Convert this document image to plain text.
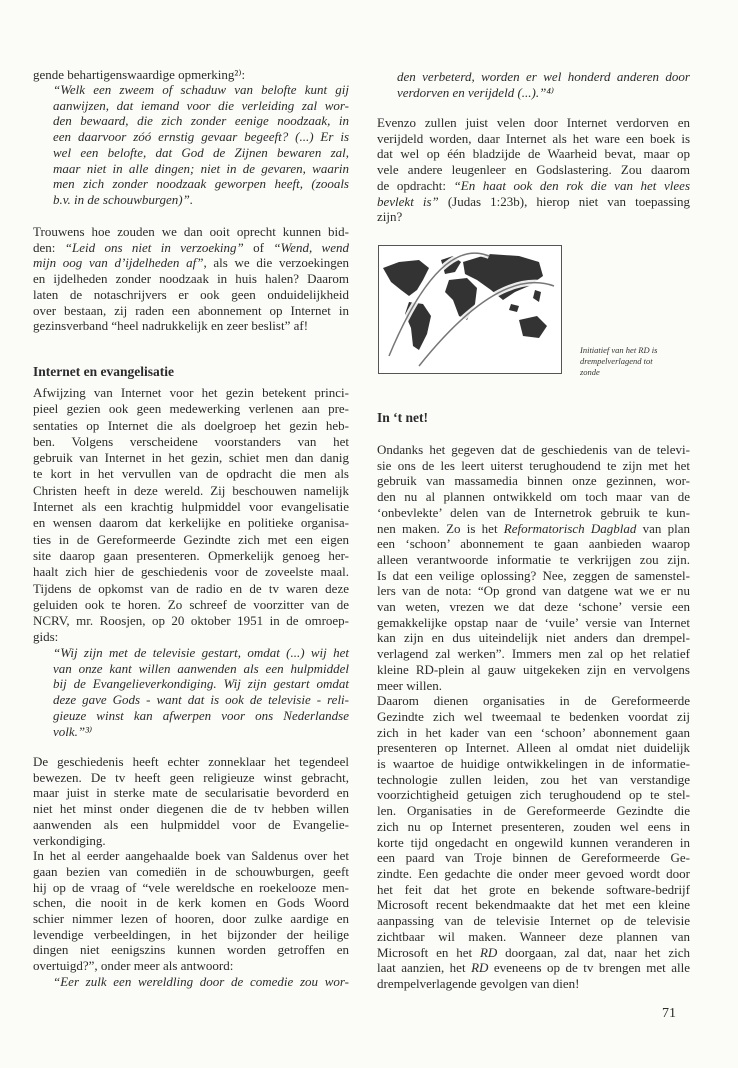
gende behartigenswaardige opmerking²⁾:
“Welk een zweem of schaduw van belofte kunt gij
aanwijzen, dat iemand voor die verleiding zal wor-
den bewaard, die zich zonder eenige noodzaak, in
een daarvoor zóó ernstig gevaar begeeft? (...) Er is
wel een belofte, dat God de Zijnen bewaren zal,
maar niet in alle dingen; niet in de gevaren, waarin
men zich zonder noodzaak geworpen heeft, (zooals
b.v. in de schouwburgen)”.
Trouwens hoe zouden we dan ooit oprecht kunnen bid-
den: “Leid ons niet in verzoeking” of “Wend, wend
mijn oog van d’ijdelheden af”, als we die verzoekingen
en ijdelheden zonder noodzaak in huis halen? Daarom
laten de notaschrijvers er ook geen onduidelijkheid
over bestaan, zij raden een abonnement op Internet in
gezinsverband “heel nadrukkelijk en zeer beslist” af!
Internet en evangelisatie
Afwijzing van Internet voor het gezin betekent princi-
pieel gezien ook geen medewerking verlenen aan pre-
sentaties op Internet die als doelgroep het gezin heb-
ben. Volgens verscheidene voorstanders van het
gebruik van Internet in het gezin, schiet men dan danig
te kort in het vervullen van de opdracht die men als
Christen heeft in deze wereld. Zij beschouwen namelijk
Internet als een krachtig hulpmiddel voor evangelisatie
en wensen daarom dat kerkelijke en politieke organisa-
ties in de Gereformeerde Gezindte zich met een eigen
site daarop gaan presenteren. Opmerkelijk genoeg her-
haalt zich hier de geschiedenis voor de zoveelste maal.
Tijdens de opkomst van de radio en de tv waren deze
geluiden ook te horen. Zo schreef de voorzitter van de
NCRV, mr. Roosjen, op 20 oktober 1951 in de omroep-
gids:
“Wij zijn met de televisie gestart, omdat (...) wij het
van onze kant willen aanwenden als een hulpmiddel
bij de Evangelieverkondiging. Wij zijn gestart omdat
deze gave Gods - want dat is ook de televisie - reli-
gieuze winst kan afwerpen voor ons Nederlandse
volk.”³⁾
De geschiedenis heeft echter zonneklaar het tegendeel
bewezen. De tv heeft geen religieuze winst gebracht,
maar juist in sterke mate de secularisatie bevorderd en
niet het minst onder diegenen die de tv hebben willen
aanwenden als een hulpmiddel voor de Evangelie-
verkondiging.
In het al eerder aangehaalde boek van Saldenus over het
gaan bezien van comediën in de schouwburgen, geeft
hij op de vraag of “vele wereldsche en roekelooze men-
schen, die nooit in de kerk komen en Gods Woord
schier nimmer lezen of hooren, door zulke aardige en
levendige verbeeldingen, in het bijzonder der heilige
dingen niet eenigszins kunnen worden getroffen en
overtuigd?”, onder meer als antwoord:
“Eer zulk een wereldling door de comedie zou wor-
den verbeterd, worden er wel honderd anderen door
verdorven en verijdeld (...).”⁴⁾
Evenzo zullen juist velen door Internet verdorven en
verijdeld worden, daar Internet als het ware een boek is
dat wel op één bladzijde de Waarheid bevat, maar op
vele andere leugenleer en Godslastering. Zou daarom
de opdracht: “En haat ook den rok die van het vlees
bevlekt is” (Judas 1:23b), hierop niet van toepassing
zijn?
Initiatief van het RD is
drempelverlagend tot
zonde
In ‘t net!
Ondanks het gegeven dat de geschiedenis van de televi-
sie ons de les leert uiterst terughoudend te zijn met het
gebruik van massamedia binnen onze gezinnen, wor-
den nu al plannen ontwikkeld om toch maar van de
‘onbevlekte’ delen van de Internetrok gebruik te kun-
nen maken. Zo is het Reformatorisch Dagblad van plan
een ‘schoon’ abonnement te gaan aanbieden waarop
alleen verantwoorde informatie te verkrijgen zou zijn.
Is dat een veilige oplossing? Nee, zeggen de samenstel-
lers van de nota: “Op grond van datgene wat we er nu
van weten, vrezen we dat deze ‘schone’ versie een
gemakkelijke opstap naar de ‘vuile’ versie van Internet
kan zijn en dus uiteindelijk niet anders dan drempel-
verlagend zal werken”. Immers men zal op het relatief
kleine RD-plein al gauw uitgekeken zijn en vervolgens
meer willen.
Daarom dienen organisaties in de Gereformeerde
Gezindte zich wel tweemaal te bedenken voordat zij
zich in het kader van een ‘schoon’ abonnement gaan
presenteren op Internet. Alleen al omdat niet duidelijk
is waartoe de huidige ontwikkelingen in de informatie-
technologie zullen leiden, zou het van verstandige
voorzichtigheid getuigen zich terughoudend op te stel-
len. Organisaties in de Gereformeerde Gezindte die
zich nu op Internet presenteren, zouden wel eens in
korte tijd ongedacht en ongewild kunnen veranderen in
een paard van Troje binnen de Gereformeerde Ge-
zindte. Een gedachte die onder meer gevoed wordt door
het feit dat het grote en bekende software-bedrijf
Microsoft recent bekendmaakte dat het met een kleine
aanpassing van de televisie Internet op de televisie
zichtbaar wil maken. Wanneer deze plannen van
Microsoft en het RD doorgaan, zal dat, naar het zich
laat aanzien, het RD eveneens op de tv brengen met alle
drempelverlagende gevolgen van dien!
71
